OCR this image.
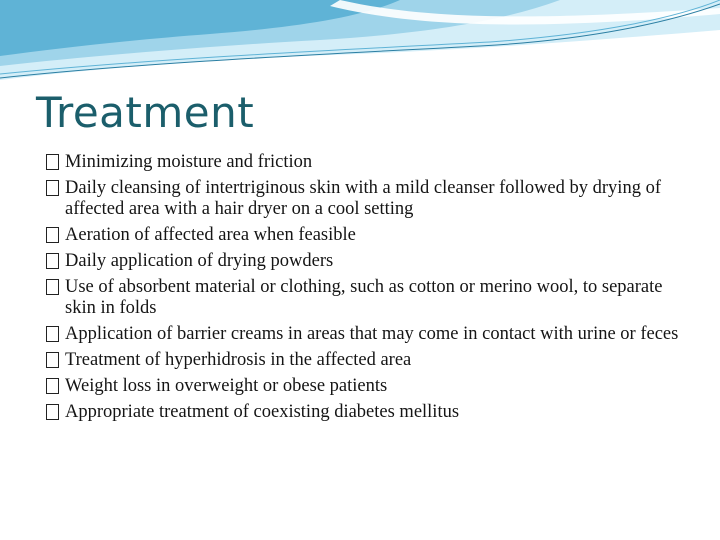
Treatment
Minimizing moisture and friction
Daily cleansing of intertriginous skin with a mild cleanser followed by drying of affected area with a hair dryer on a cool setting
Aeration of affected area when feasible
Daily application of drying powders
Use of absorbent material or clothing, such as cotton or merino wool, to separate skin in folds
Application of barrier creams in areas that may come in contact with urine or feces
Treatment of hyperhidrosis in the affected area
Weight loss in overweight or obese patients
Appropriate treatment of coexisting diabetes mellitus
